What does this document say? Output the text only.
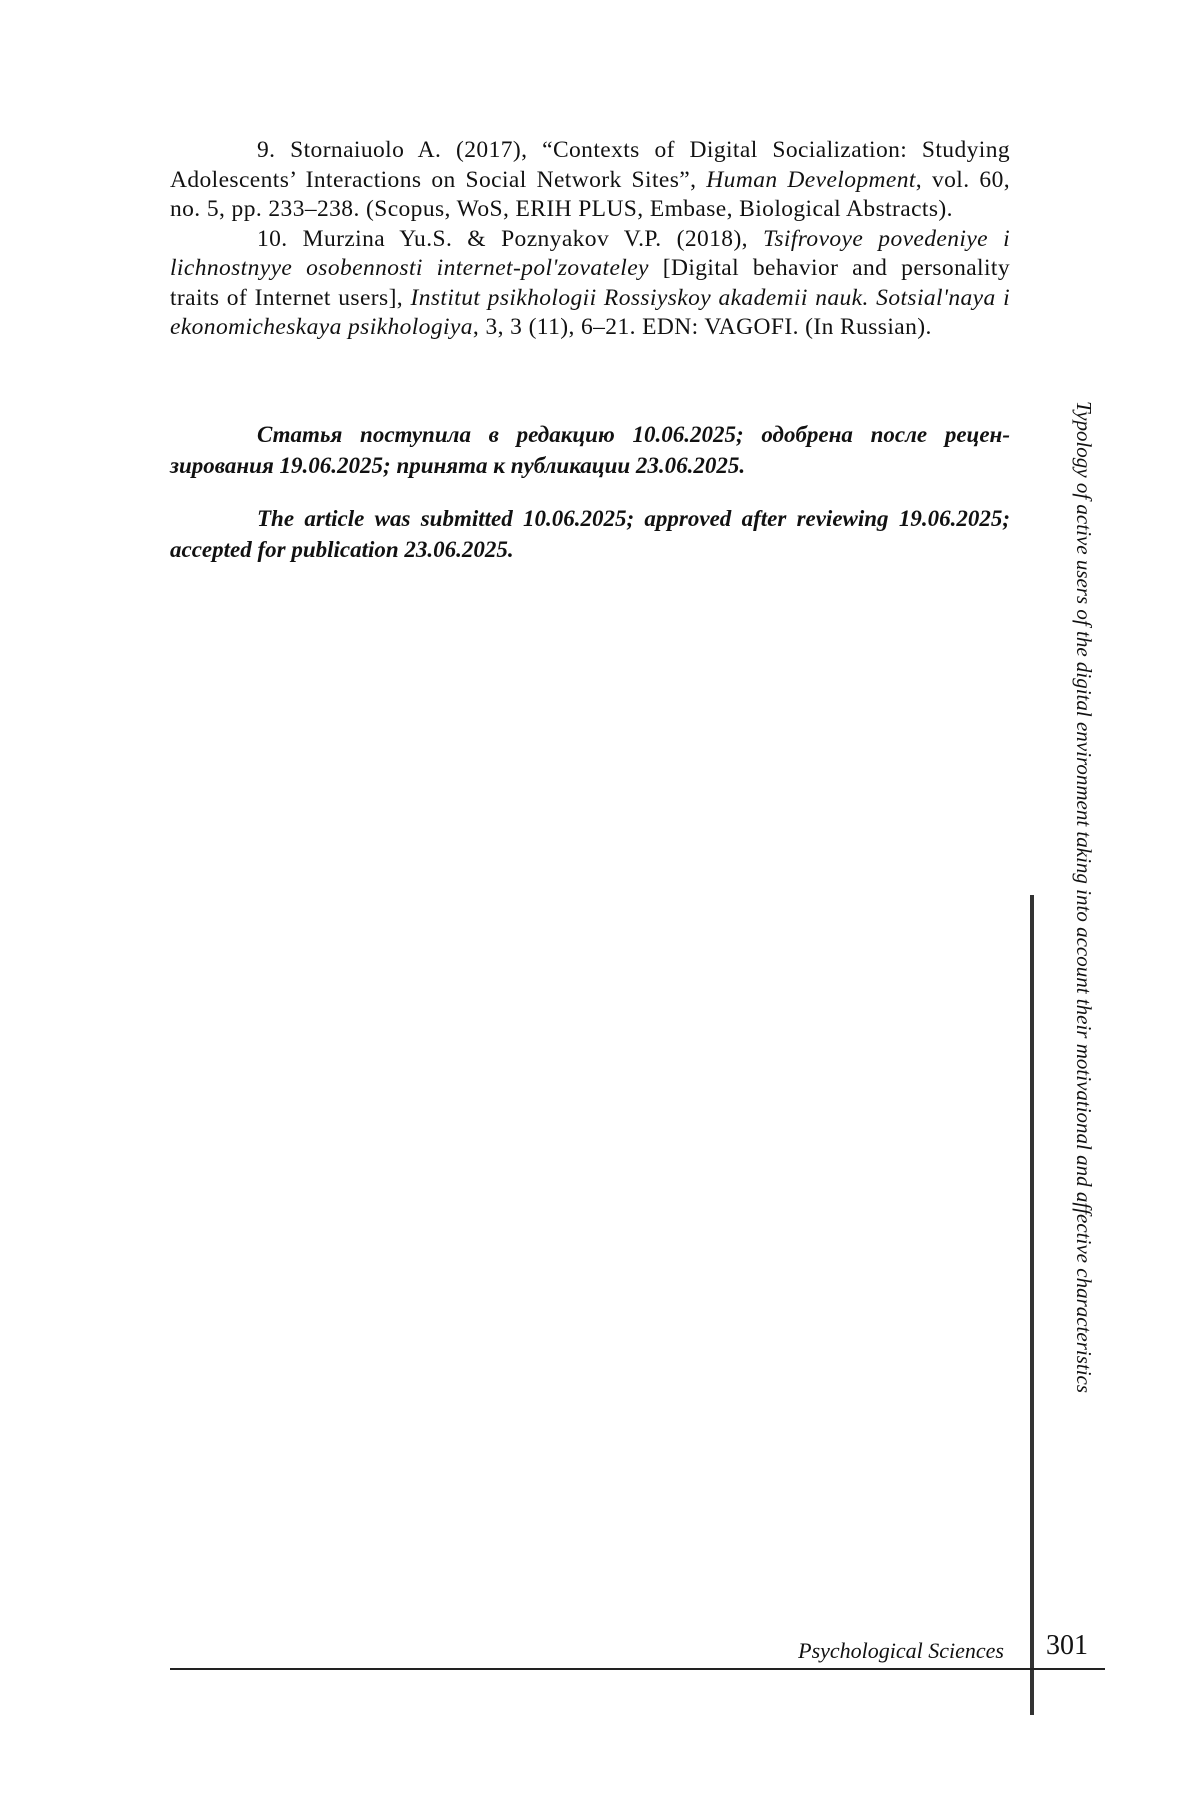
9. Stornaiuolo A. (2017), “Contexts of Digital Socialization: Studying Adolescents’ Interactions on Social Network Sites”, Human Development, vol. 60, no. 5, pp. 233–238. (Scopus, WoS, ERIH PLUS, Embase, Biological Abstracts).

10. Murzina Yu.S. & Poznyakov V.P. (2018), Tsifrovoye povedeniye i lichnostnyye osobennosti internet-pol'zovateley [Digital behavior and personality traits of Internet users], Institut psikhologii Rossiyskoy akademii nauk. Sotsial'naya i ekonomicheskaya psikhologiya, 3, 3 (11), 6–21. EDN: VAGOFI. (In Russian).

Статья поступила в редакцию 10.06.2025; одобрена после рецензирования 19.06.2025; принята к публикации 23.06.2025.

The article was submitted 10.06.2025; approved after reviewing 19.06.2025; accepted for publication 23.06.2025.	Typology of active users of the digital environment taking into account their motivational and affective characteristics
Psychological Sciences 301
